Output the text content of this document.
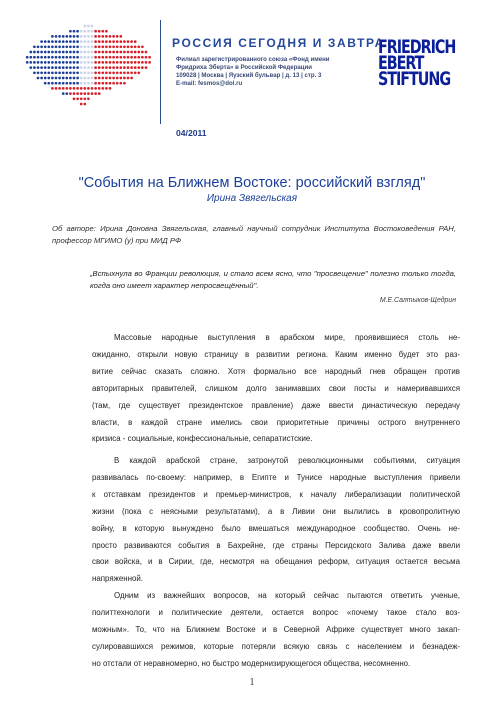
РОССИЯ СЕГОДНЯ И ЗАВТРА
Филиал зарегистрированного союза «Фонд имени
Фридриха Эберта» в Российской Федерации
109028 | Москва | Яузский бульвар | д. 13 | стр. 3
E-mail: fesmos@dol.ru
04/2011
FRIEDRICH
EBERT
STIFTUNG
"События на Ближнем Востоке: российский взгляд"
Ирина Звягельская
Об авторе: Ирина Доновна Звягельская, главный научный сотрудник Института Востоковедения РАН, профессор МГИМО (у) при МИД РФ
„Вспыхнула во Франции революция, и стало всем ясно, что "просвещение" полезно только тогда, когда оно имеет характер непросвещённый".
М.Е.Салтыков-Щедрин
Массовые народные выступления в арабском мире, проявившиеся столь не-
ожиданно, открыли новую страницу в развитии региона. Каким именно будет это раз-
витие сейчас сказать сложно. Хотя формально все народный гнев обращен против
авторитарных правителей, слишком долго занимавших свои посты и намеривавшихся
(там, где существует президентское правление) даже ввести династическую передачу
власти, в каждой стране имелись свои приоритетные причины острого внутреннего
кризиса - социальные, конфессиональные, сепаратистские.
В каждой арабской стране, затронутой революционными событиями, ситуация
развивалась по-своему: например, в Египте и Тунисе народные выступления привели
к отставкам президентов и премьер-министров, к началу либерализации политической
жизни (пока с неясными результатами), а в Ливии они вылились в кровопролитную
войну, в которую вынуждено было вмешаться международное сообщество. Очень не-
просто развиваются события в Бахрейне, где страны Персидского Залива даже ввели
свои войска, и в Сирии, где, несмотря на обещания реформ, ситуация остается весьма
напряженной.
Одним из важнейших вопросов, на который сейчас пытаются ответить ученые,
политтехнологи и политические деятели, остается вопрос «почему такое стало воз-
можным». То, что на Ближнем Востоке и в Северной Африке существует много закап-
сулировавшихся режимов, которые потеряли всякую связь с населением и безнадеж-
но отстали от неравномерно, но быстро модернизирующегося общества, несомненно.
1
